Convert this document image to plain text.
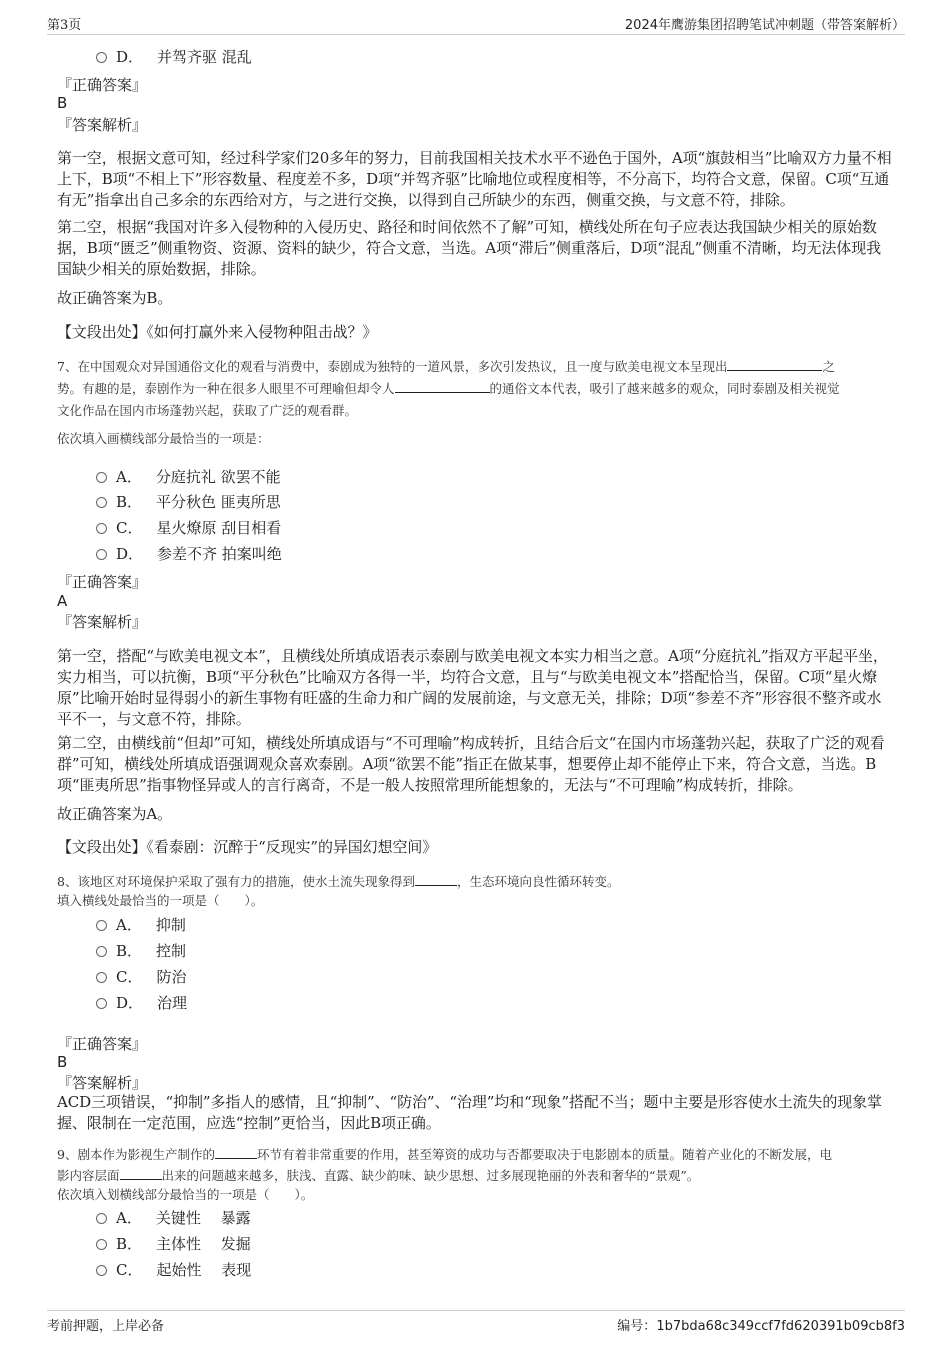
第3页	2024年鹰游集团招聘笔试冲刺题（带答案解析）
D． 并驾齐驱 混乱
『正确答案』
B
『答案解析』
第一空，根据文意可知，经过科学家们20多年的努力，目前我国相关技术水平不逊色于国外，A项“旗鼓相当”比喻双方力量不相上下，B项“不相上下”形容数量、程度差不多，D项“并驾齐驱”比喻地位或程度相等，不分高下，均符合文意，保留。C项“互通有无”指拿出自己多余的东西给对方，与之进行交换，以得到自己所缺少的东西，侧重交换，与文意不符，排除。
第二空，根据“我国对许多入侵物种的入侵历史、路径和时间依然不了解”可知，横线处所在句子应表达我国缺少相关的原始数据，B项“匮乏”侧重物资、资源、资料的缺少，符合文意，当选。A项“滞后”侧重落后，D项“混乱”侧重不清晰，均无法体现我国缺少相关的原始数据，排除。
故正确答案为B。
【文段出处】《如何打赢外来入侵物种阻击战？》
7、在中国观众对异国通俗文化的观看与消费中，泰剧成为独特的一道风景，多次引发热议，且一度与欧美电视文本呈现出	之
势。有趣的是，泰剧作为一种在很多人眼里不可理喻但却令人	的通俗文本代表，吸引了越来越多的观众，同时泰剧及相关视觉
文化作品在国内市场蓬勃兴起，获取了广泛的观看群。
依次填入画横线部分最恰当的一项是：
A． 分庭抗礼 欲罢不能
B． 平分秋色 匪夷所思
C． 星火燎原 刮目相看
D． 参差不齐 拍案叫绝
『正确答案』
A
『答案解析』
第一空，搭配“与欧美电视文本”，且横线处所填成语表示泰剧与欧美电视文本实力相当之意。A项“分庭抗礼”指双方平起平坐，实力相当，可以抗衡，B项“平分秋色”比喻双方各得一半，均符合文意，且与“与欧美电视文本”搭配恰当，保留。C项“星火燎原”比喻开始时显得弱小的新生事物有旺盛的生命力和广阔的发展前途，与文意无关，排除；D项“参差不齐”形容很不整齐或水平不一，与文意不符，排除。
第二空，由横线前“但却”可知，横线处所填成语与“不可理喻”构成转折，且结合后文“在国内市场蓬勃兴起，获取了广泛的观看群”可知，横线处所填成语强调观众喜欢泰剧。A项“欲罢不能”指正在做某事，想要停止却不能停止下来，符合文意，当选。B项“匪夷所思”指事物怪异或人的言行离奇，不是一般人按照常理所能想象的，无法与“不可理喻”构成转折，排除。
故正确答案为A。
【文段出处】《看泰剧：沉醉于“反现实”的异国幻想空间》
8、该地区对环境保护采取了强有力的措施，使水土流失现象得到	，生态环境向良性循环转变。
填入横线处最恰当的一项是（　　）。
A． 抑制
B． 控制
C． 防治
D． 治理
『正确答案』
B
『答案解析』
ACD三项错误，“抑制”多指人的感情，且“抑制”、“防治”、“治理”均和“现象”搭配不当；题中主要是形容使水土流失的现象掌握、限制在一定范围，应选“控制”更恰当，因此B项正确。
9、剧本作为影视生产制作的	环节有着非常重要的作用，甚至筹资的成功与否都要取决于电影剧本的质量。随着产业化的不断发展，电
影内容层面	出来的问题越来越多，肤浅、直露、缺少韵味、缺少思想、过多展现艳丽的外表和奢华的“景观”。
依次填入划横线部分最恰当的一项是（　　）。
A． 关键性　 暴露
B． 主体性　 发掘
C． 起始性　 表现
考前押题，上岸必备	编号：1b7bda68c349ccf7fd620391b09cb8f3
